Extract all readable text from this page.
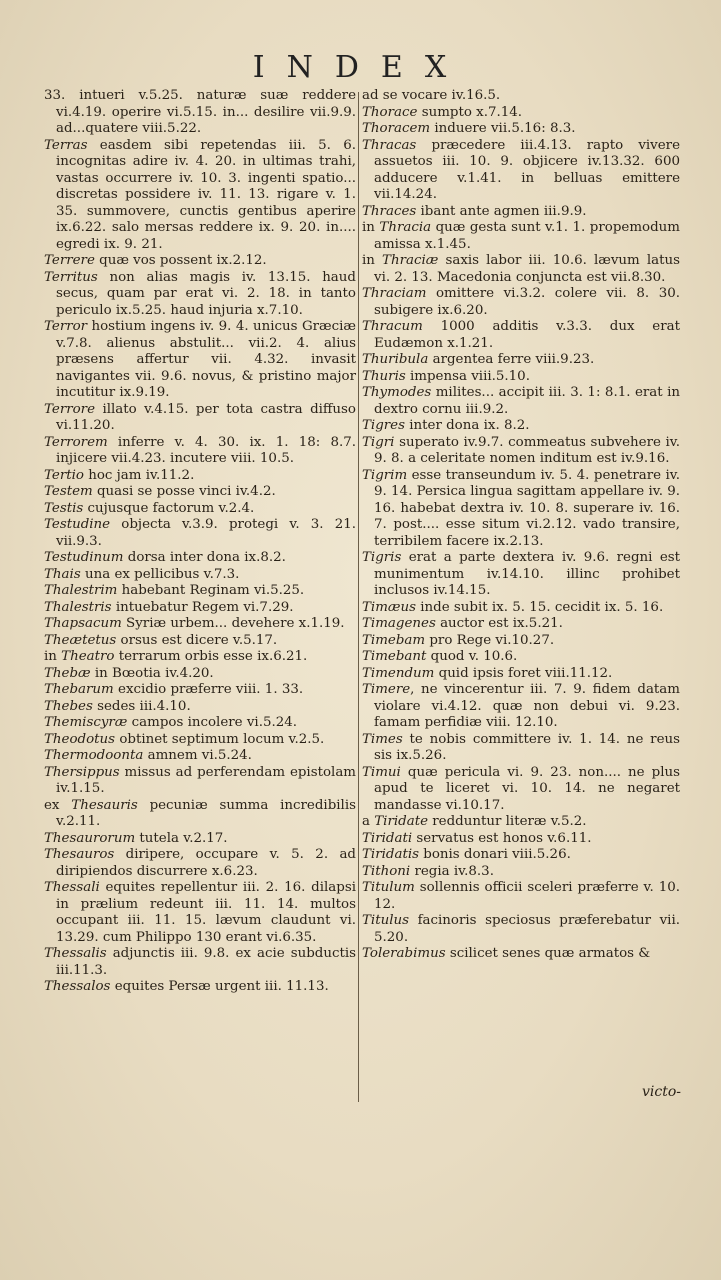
INDEX

33. intueri v.5.25. naturæ suæ reddere vi.4.19. operire vi.5.15. in... desilire vii.9.9. ad...quatere viii.5.22.

Terras easdem sibi repetendas iii. 5. 6. incognitas adire iv. 4. 20. in ultimas trahi, vastas occurrere iv. 10. 3. ingenti spatio... discretas possidere iv. 11. 13. rigare v. 1. 35. summovere, cunctis gentibus aperire ix.6.22. salo mersas reddere ix. 9. 20. in.... egredi ix. 9. 21.

Terrere quæ vos possent ix.2.12.

Territus non alias magis iv. 13.15. haud secus, quam par erat vi. 2. 18. in tanto periculo ix.5.25. haud injuria x.7.10.

Terror hostium ingens iv. 9. 4. unicus Græciæ v.7.8. alienus abstulit... vii.2. 4. alius præsens affertur vii. 4.32. invasit navigantes vii. 9.6. novus, & pristino major incutitur ix.9.19.

Terrore illato v.4.15. per tota castra diffuso vi.11.20.

Terrorem inferre v. 4. 30. ix. 1. 18: 8.7. injicere vii.4.23. incutere viii. 10.5.

Tertio hoc jam iv.11.2.

Testem quasi se posse vinci iv.4.2.

Testis cujusque factorum v.2.4.

Testudine objecta v.3.9. protegi v. 3. 21. vii.9.3.

Testudinum dorsa inter dona ix.8.2.

Thais una ex pellicibus v.7.3.

Thalestrim habebant Reginam vi.5.25.

Thalestris intuebatur Regem vi.7.29.

Thapsacum Syriæ urbem... devehere x.1.19.

Theætetus orsus est dicere v.5.17.

in Theatro terrarum orbis esse ix.6.21.

Thebæ in Bœotia iv.4.20.

Thebarum excidio præferre viii. 1. 33.

Thebes sedes iii.4.10.

Themiscyræ campos incolere vi.5.24.

Theodotus obtinet septimum locum v.2.5.

Thermodoonta amnem vi.5.24.

Thersippus missus ad perferendam epistolam iv.1.15.

ex Thesauris pecuniæ summa incredibilis v.2.11.

Thesaurorum tutela v.2.17.

Thesauros diripere, occupare v. 5. 2. ad diripiendos discurrere x.6.23.

Thessali equites repellentur iii. 2. 16. dilapsi in prælium redeunt iii. 11. 14. multos occupant iii. 11. 15. lævum claudunt vi. 13.29. cum Philippo 130 erant vi.6.35.

Thessalis adjunctis iii. 9.8. ex acie subductis iii.11.3.

Thessalos equites Persæ urgent iii. 11.13.

ad se vocare iv.16.5.

Thorace sumpto x.7.14.

Thoracem induere vii.5.16: 8.3.

Thracas præcedere iii.4.13. rapto vivere assuetos iii. 10. 9. objicere iv.13.32. 600 adducere v.1.41. in belluas emittere vii.14.24.

Thraces ibant ante agmen iii.9.9.

in Thracia quæ gesta sunt v.1. 1. propemodum amissa x.1.45.

in Thraciæ saxis labor iii. 10.6. lævum latus vi. 2. 13. Macedonia conjuncta est vii.8.30.

Thraciam omittere vi.3.2. colere vii. 8. 30. subigere ix.6.20.

Thracum 1000 additis v.3.3. dux erat Eudæmon x.1.21.

Thuribula argentea ferre viii.9.23.

Thuris impensa viii.5.10.

Thymodes milites... accipit iii. 3. 1: 8.1. erat in dextro cornu iii.9.2.

Tigres inter dona ix. 8.2.

Tigri superato iv.9.7. commeatus subvehere iv. 9. 8. a celeritate nomen inditum est iv.9.16.

Tigrim esse transeundum iv. 5. 4. penetrare iv. 9. 14. Persica lingua sagittam appellare iv. 9. 16. habebat dextra iv. 10. 8. superare iv. 16. 7. post.... esse situm vi.2.12. vado transire, terribilem facere ix.2.13.

Tigris erat a parte dextera iv. 9.6. regni est munimentum iv.14.10. illinc prohibet inclusos iv.14.15.

Timæus inde subit ix. 5. 15. cecidit ix. 5. 16.

Timagenes auctor est ix.5.21.

Timebam pro Rege vi.10.27.

Timebant quod v. 10.6.

Timendum quid ipsis foret viii.11.12.

Timere, ne vincerentur iii. 7. 9. fidem datam violare vi.4.12. quæ non debui vi. 9.23. famam perfidiæ viii. 12.10.

Times te nobis committere iv. 1. 14. ne reus sis ix.5.26.

Timui quæ pericula vi. 9. 23. non.... ne plus apud te liceret vi. 10. 14. ne negaret mandasse vi.10.17.

a Tiridate redduntur literæ v.5.2.

Tiridati servatus est honos v.6.11.

Tiridatis bonis donari viii.5.26.

Tithoni regia iv.8.3.

Titulum sollennis officii sceleri præferre v. 10. 12.

Titulus facinoris speciosus præferebatur vii. 5.20.

Tolerabimus scilicet senes quæ armatos &

victo-
